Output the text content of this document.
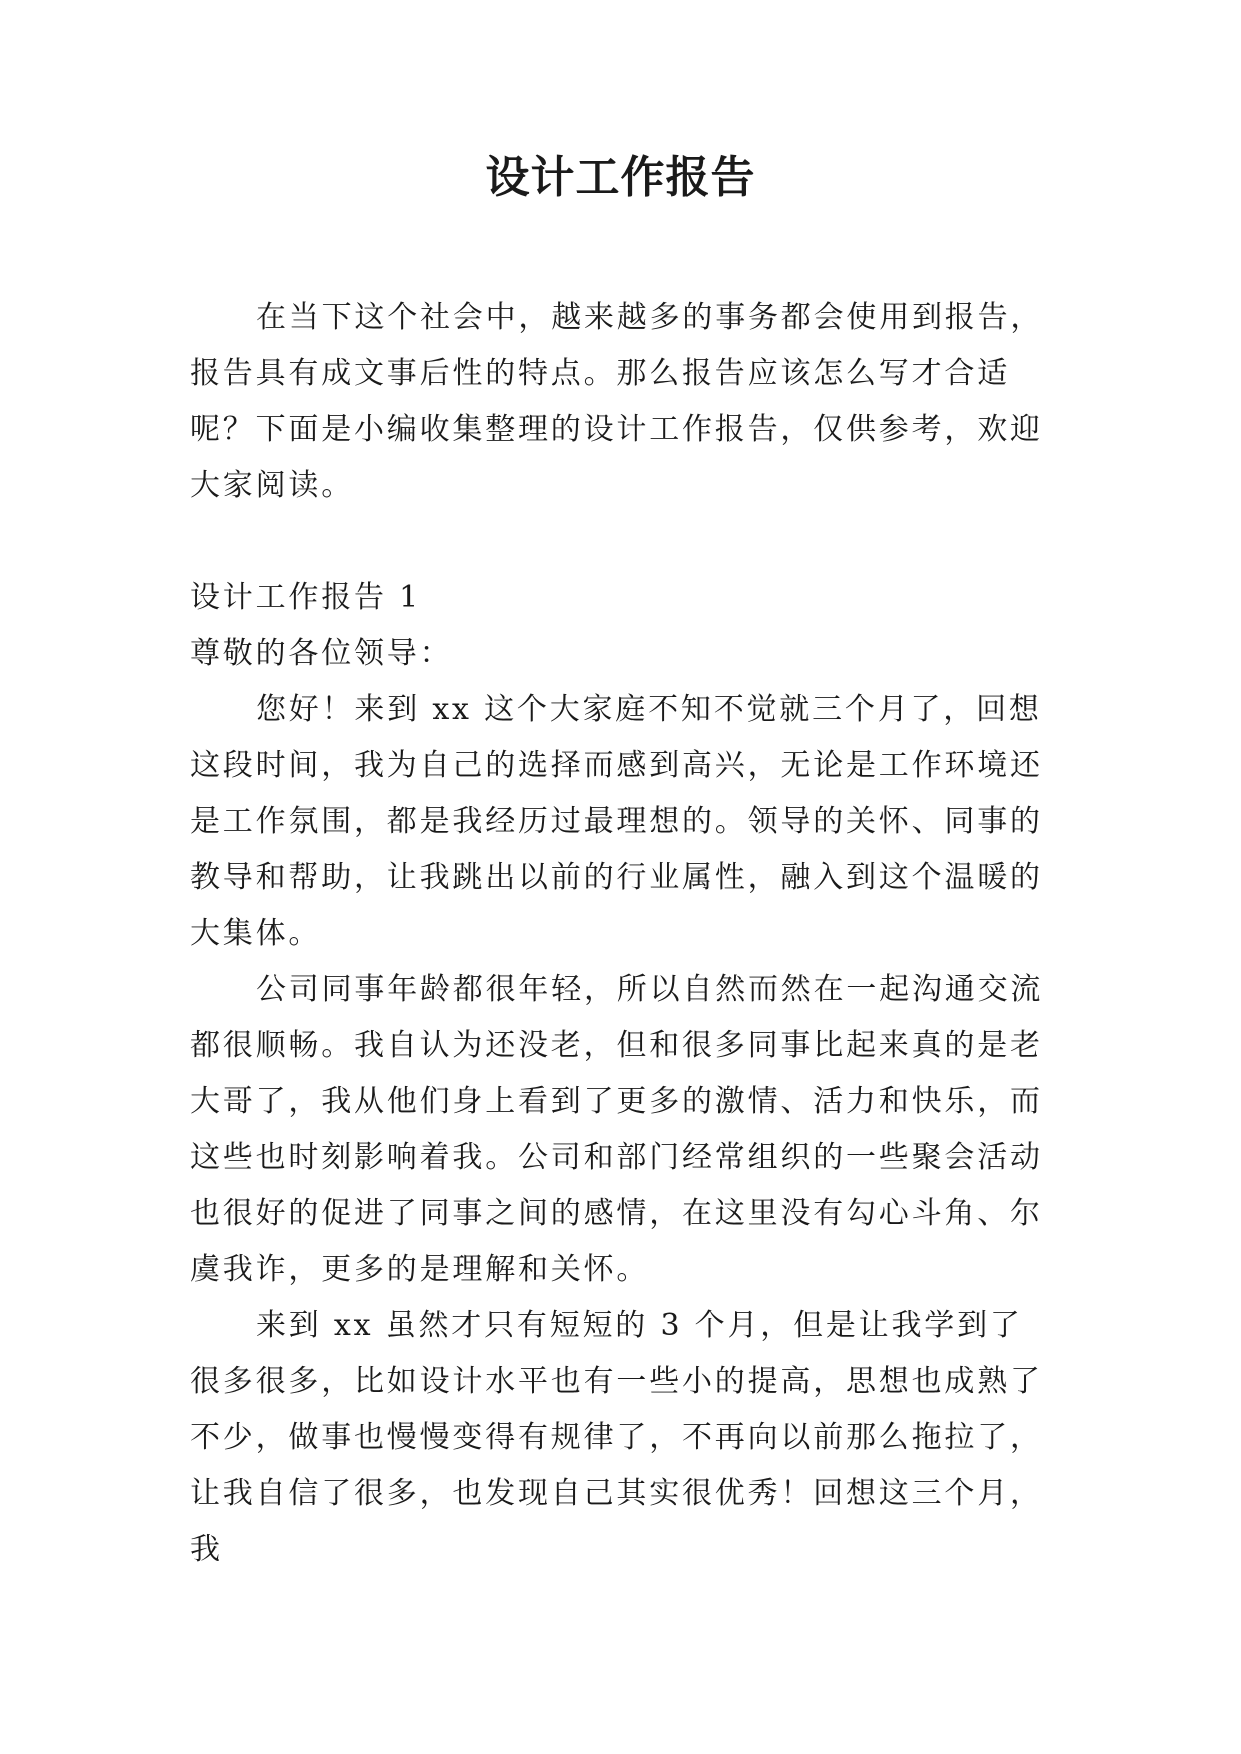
设计工作报告

在当下这个社会中，越来越多的事务都会使用到报告，报告具有成文事后性的特点。那么报告应该怎么写才合适呢？下面是小编收集整理的设计工作报告，仅供参考，欢迎大家阅读。

设计工作报告 1

尊敬的各位领导：

您好！来到 xx 这个大家庭不知不觉就三个月了，回想这段时间，我为自己的选择而感到高兴，无论是工作环境还是工作氛围，都是我经历过最理想的。领导的关怀、同事的教导和帮助，让我跳出以前的行业属性，融入到这个温暖的大集体。

公司同事年龄都很年轻，所以自然而然在一起沟通交流都很顺畅。我自认为还没老，但和很多同事比起来真的是老大哥了，我从他们身上看到了更多的激情、活力和快乐，而这些也时刻影响着我。公司和部门经常组织的一些聚会活动也很好的促进了同事之间的感情，在这里没有勾心斗角、尔虞我诈，更多的是理解和关怀。

来到 xx 虽然才只有短短的 3 个月，但是让我学到了很多很多，比如设计水平也有一些小的提高，思想也成熟了不少，做事也慢慢变得有规律了，不再向以前那么拖拉了，让我自信了很多，也发现自己其实很优秀！回想这三个月，我
